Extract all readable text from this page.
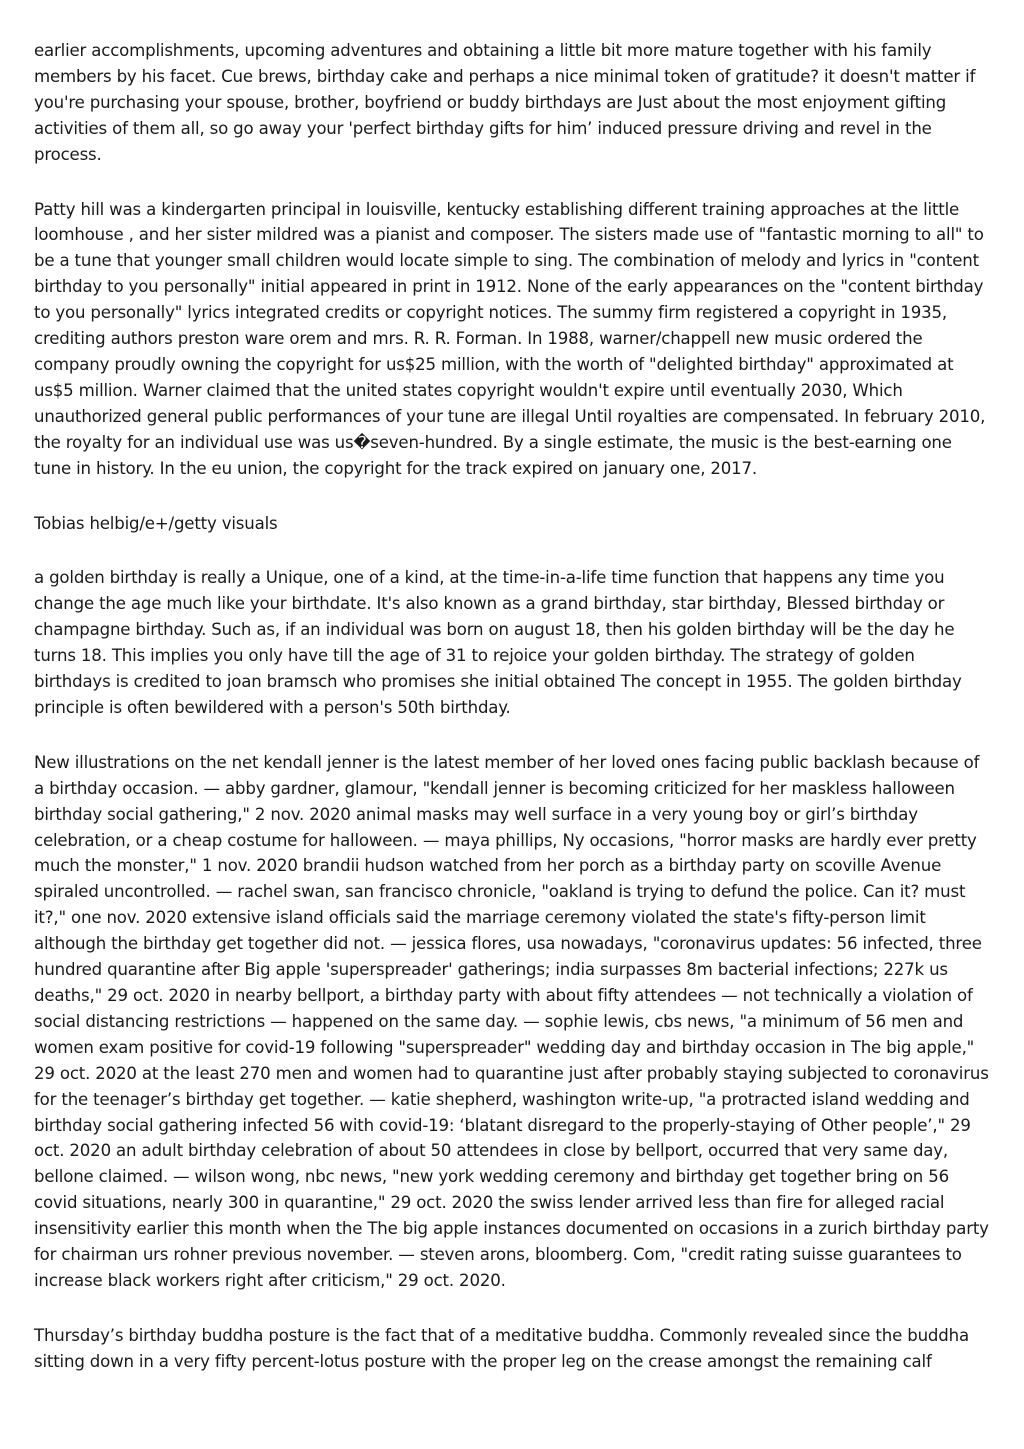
earlier accomplishments, upcoming adventures and obtaining a little bit more mature together with his family members by his facet. Cue brews, birthday cake and perhaps a nice minimal token of gratitude? it doesn't matter if you're purchasing your spouse, brother, boyfriend or buddy birthdays are Just about the most enjoyment gifting activities of them all, so go away your 'perfect birthday gifts for him’ induced pressure driving and revel in the process.

Patty hill was a kindergarten principal in louisville, kentucky establishing different training approaches at the little loomhouse , and her sister mildred was a pianist and composer. The sisters made use of "fantastic morning to all" to be a tune that younger small children would locate simple to sing. The combination of melody and lyrics in "content birthday to you personally" initial appeared in print in 1912. None of the early appearances on the "content birthday to you personally" lyrics integrated credits or copyright notices. The summy firm registered a copyright in 1935, crediting authors preston ware orem and mrs. R. R. Forman. In 1988, warner/chappell new music ordered the company proudly owning the copyright for us$25 million, with the worth of "delighted birthday" approximated at us$5 million. Warner claimed that the united states copyright wouldn't expire until eventually 2030, Which unauthorized general public performances of your tune are illegal Until royalties are compensated. In february 2010, the royalty for an individual use was us�seven-hundred. By a single estimate, the music is the best-earning one tune in history. In the eu union, the copyright for the track expired on january one, 2017.

Tobias helbig/e+/getty visuals

a golden birthday is really a Unique, one of a kind, at the time-in-a-life time function that happens any time you change the age much like your birthdate. It's also known as a grand birthday, star birthday, Blessed birthday or champagne birthday. Such as, if an individual was born on august 18, then his golden birthday will be the day he turns 18. This implies you only have till the age of 31 to rejoice your golden birthday. The strategy of golden birthdays is credited to joan bramsch who promises she initial obtained The concept in 1955. The golden birthday principle is often bewildered with a person's 50th birthday.

New illustrations on the net kendall jenner is the latest member of her loved ones facing public backlash because of a birthday occasion. — abby gardner, glamour, "kendall jenner is becoming criticized for her maskless halloween birthday social gathering," 2 nov. 2020 animal masks may well surface in a very young boy or girl’s birthday celebration, or a cheap costume for halloween. — maya phillips, Ny occasions, "horror masks are hardly ever pretty much the monster," 1 nov. 2020 brandii hudson watched from her porch as a birthday party on scoville Avenue spiraled uncontrolled. — rachel swan, san francisco chronicle, "oakland is trying to defund the police. Can it? must it?," one nov. 2020 extensive island officials said the marriage ceremony violated the state's fifty-person limit although the birthday get together did not. — jessica flores, usa nowadays, "coronavirus updates: 56 infected, three hundred quarantine after Big apple 'superspreader' gatherings; india surpasses 8m bacterial infections; 227k us deaths," 29 oct. 2020 in nearby bellport, a birthday party with about fifty attendees — not technically a violation of social distancing restrictions — happened on the same day. — sophie lewis, cbs news, "a minimum of 56 men and women exam positive for covid-19 following "superspreader" wedding day and birthday occasion in The big apple," 29 oct. 2020 at the least 270 men and women had to quarantine just after probably staying subjected to coronavirus for the teenager’s birthday get together. — katie shepherd, washington write-up, "a protracted island wedding and birthday social gathering infected 56 with covid-19: ‘blatant disregard to the properly-staying of Other people’," 29 oct. 2020 an adult birthday celebration of about 50 attendees in close by bellport, occurred that very same day, bellone claimed. — wilson wong, nbc news, "new york wedding ceremony and birthday get together bring on 56 covid situations, nearly 300 in quarantine," 29 oct. 2020 the swiss lender arrived less than fire for alleged racial insensitivity earlier this month when the The big apple instances documented on occasions in a zurich birthday party for chairman urs rohner previous november. — steven arons, bloomberg. Com, "credit rating suisse guarantees to increase black workers right after criticism," 29 oct. 2020.

Thursday’s birthday buddha posture is the fact that of a meditative buddha. Commonly revealed since the buddha sitting down in a very fifty percent-lotus posture with the proper leg on the crease amongst the remaining calf
